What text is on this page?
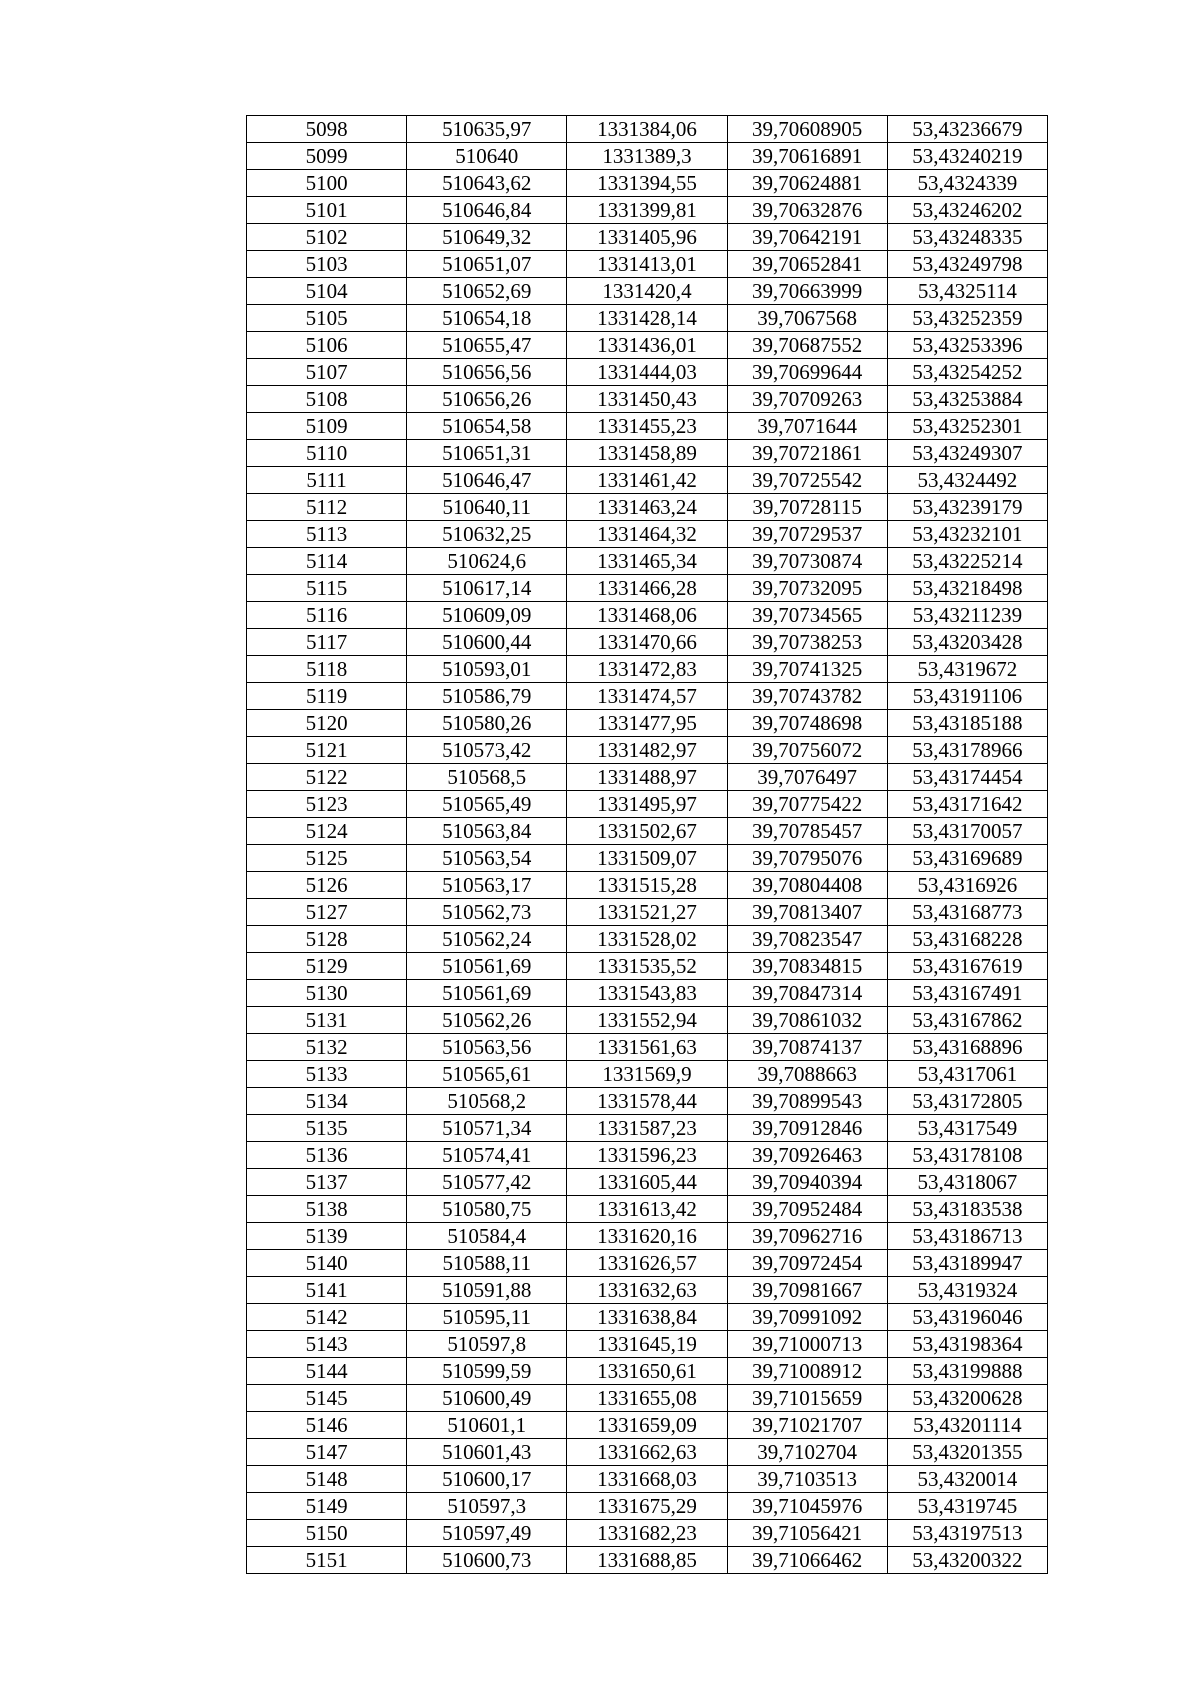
5098	510635,97	1331384,06	39,70608905	53,43236679
5099	510640	1331389,3	39,70616891	53,43240219
5100	510643,62	1331394,55	39,70624881	53,4324339
5101	510646,84	1331399,81	39,70632876	53,43246202
5102	510649,32	1331405,96	39,70642191	53,43248335
5103	510651,07	1331413,01	39,70652841	53,43249798
5104	510652,69	1331420,4	39,70663999	53,4325114
5105	510654,18	1331428,14	39,7067568	53,43252359
5106	510655,47	1331436,01	39,70687552	53,43253396
5107	510656,56	1331444,03	39,70699644	53,43254252
5108	510656,26	1331450,43	39,70709263	53,43253884
5109	510654,58	1331455,23	39,7071644	53,43252301
5110	510651,31	1331458,89	39,70721861	53,43249307
5111	510646,47	1331461,42	39,70725542	53,4324492
5112	510640,11	1331463,24	39,70728115	53,43239179
5113	510632,25	1331464,32	39,70729537	53,43232101
5114	510624,6	1331465,34	39,70730874	53,43225214
5115	510617,14	1331466,28	39,70732095	53,43218498
5116	510609,09	1331468,06	39,70734565	53,43211239
5117	510600,44	1331470,66	39,70738253	53,43203428
5118	510593,01	1331472,83	39,70741325	53,4319672
5119	510586,79	1331474,57	39,70743782	53,43191106
5120	510580,26	1331477,95	39,70748698	53,43185188
5121	510573,42	1331482,97	39,70756072	53,43178966
5122	510568,5	1331488,97	39,7076497	53,43174454
5123	510565,49	1331495,97	39,70775422	53,43171642
5124	510563,84	1331502,67	39,70785457	53,43170057
5125	510563,54	1331509,07	39,70795076	53,43169689
5126	510563,17	1331515,28	39,70804408	53,4316926
5127	510562,73	1331521,27	39,70813407	53,43168773
5128	510562,24	1331528,02	39,70823547	53,43168228
5129	510561,69	1331535,52	39,70834815	53,43167619
5130	510561,69	1331543,83	39,70847314	53,43167491
5131	510562,26	1331552,94	39,70861032	53,43167862
5132	510563,56	1331561,63	39,70874137	53,43168896
5133	510565,61	1331569,9	39,7088663	53,4317061
5134	510568,2	1331578,44	39,70899543	53,43172805
5135	510571,34	1331587,23	39,70912846	53,4317549
5136	510574,41	1331596,23	39,70926463	53,43178108
5137	510577,42	1331605,44	39,70940394	53,4318067
5138	510580,75	1331613,42	39,70952484	53,43183538
5139	510584,4	1331620,16	39,70962716	53,43186713
5140	510588,11	1331626,57	39,70972454	53,43189947
5141	510591,88	1331632,63	39,70981667	53,4319324
5142	510595,11	1331638,84	39,70991092	53,43196046
5143	510597,8	1331645,19	39,71000713	53,43198364
5144	510599,59	1331650,61	39,71008912	53,43199888
5145	510600,49	1331655,08	39,71015659	53,43200628
5146	510601,1	1331659,09	39,71021707	53,43201114
5147	510601,43	1331662,63	39,7102704	53,43201355
5148	510600,17	1331668,03	39,7103513	53,4320014
5149	510597,3	1331675,29	39,71045976	53,4319745
5150	510597,49	1331682,23	39,71056421	53,43197513
5151	510600,73	1331688,85	39,71066462	53,43200322
